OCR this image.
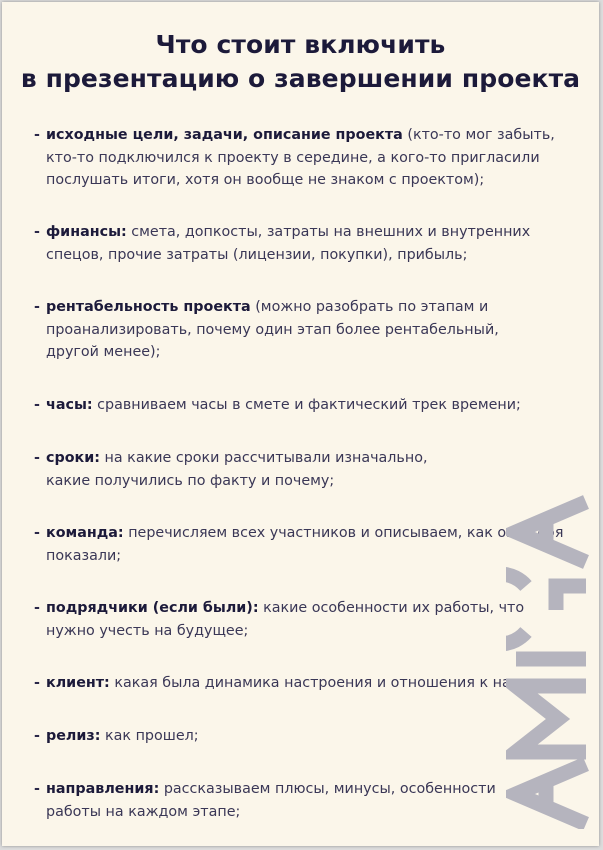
Что стоит включить
в презентацию о завершении проекта
- исходные цели, задачи, описание проекта (кто-то мог забыть, кто-то подключился к проекту в середине, а кого-то пригласили послушать итоги, хотя он вообще не знаком с проектом);
- финансы: смета, допкосты, затраты на внешних и внутренних спецов, прочие затраты (лицензии, покупки), прибыль;
- рентабельность проекта (можно разобрать по этапам и проанализировать, почему один этап более рентабельный, другой менее);
- часы: сравниваем часы в смете и фактический трек времени;
- сроки: на какие сроки рассчитывали изначально, какие получились по факту и почему;
- команда: перечисляем всех участников и описываем, как они себя показали;
- подрядчики (если были): какие особенности их работы, что нужно учесть на будущее;
- клиент: какая была динамика настроения и отношения к нам;
- релиз: как прошел;
- направления: рассказываем плюсы, минусы, особенности работы на каждом этапе;
